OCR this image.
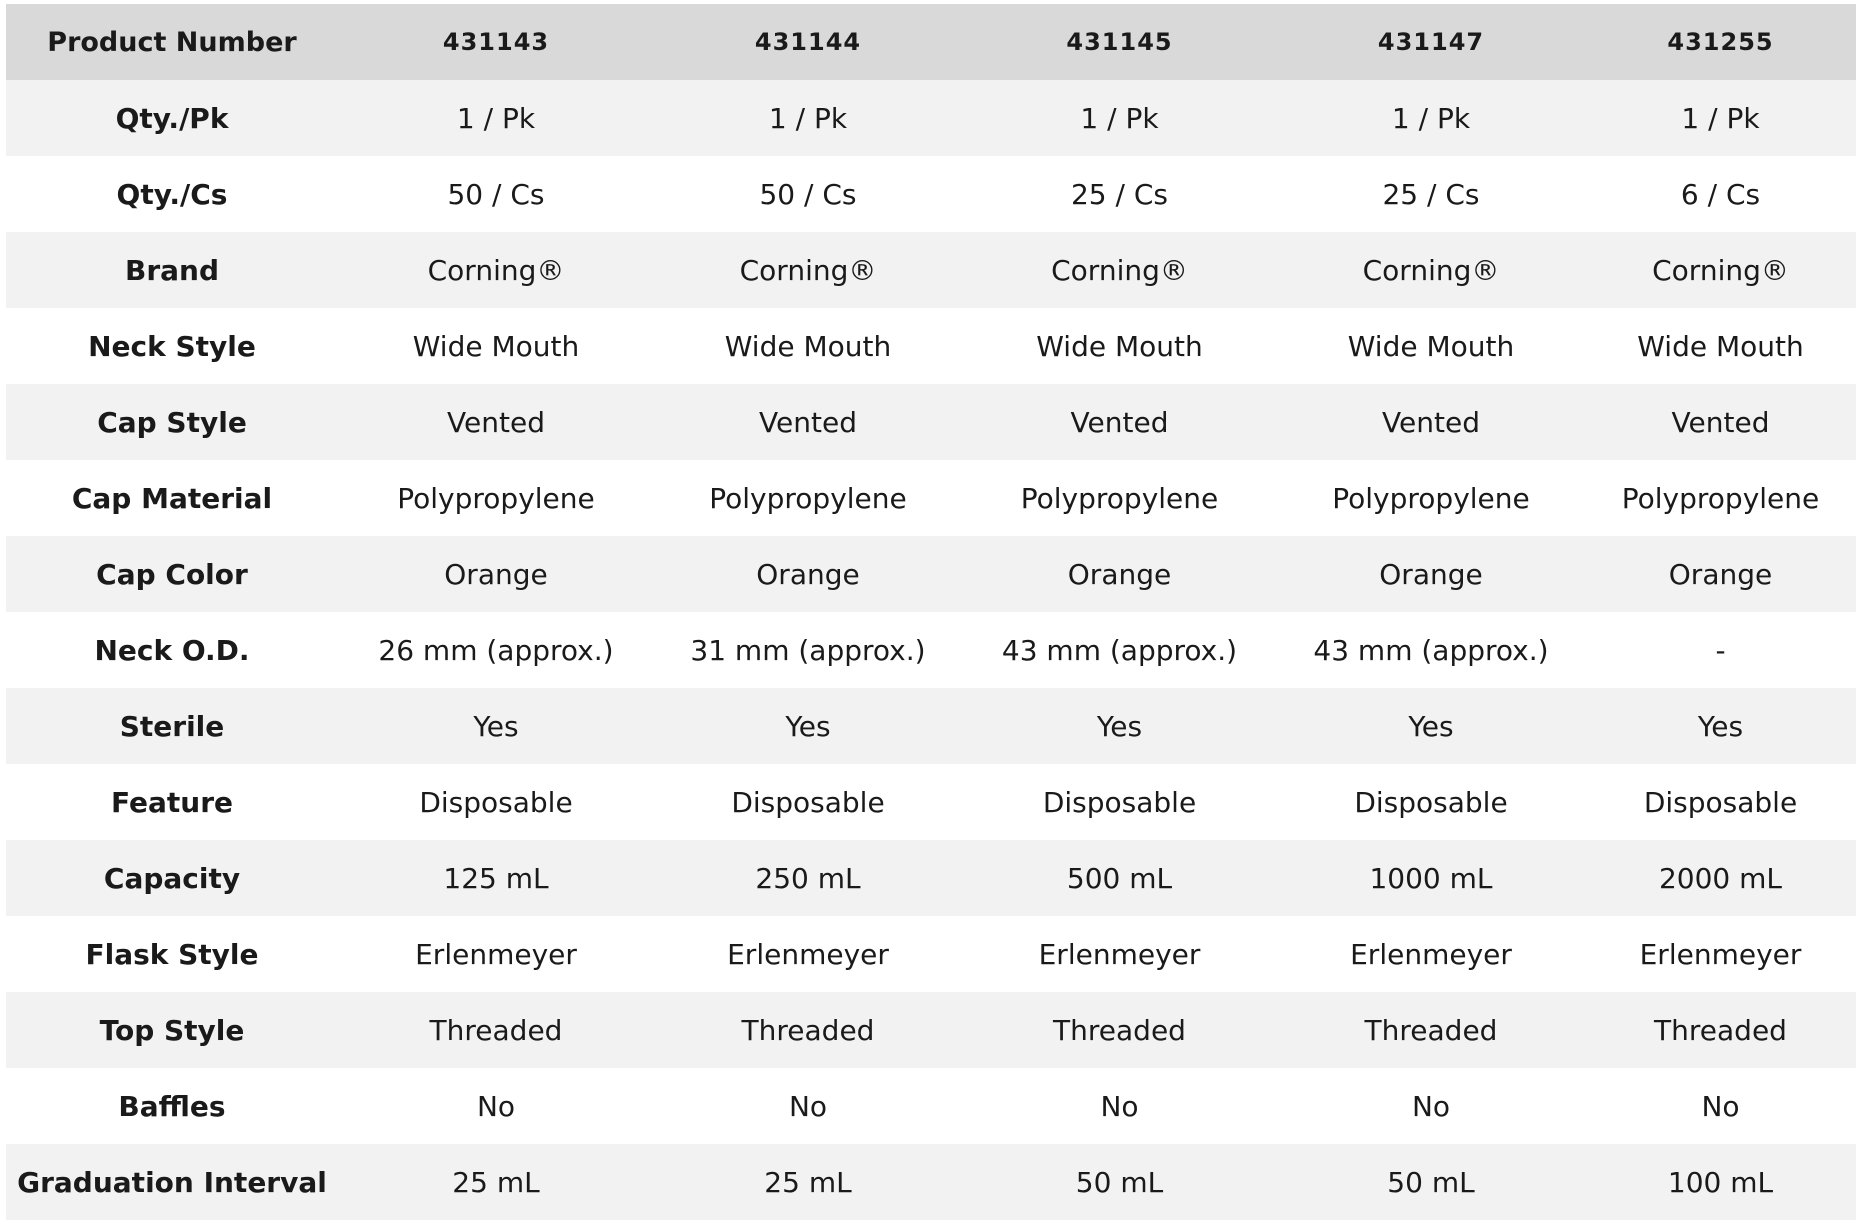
Product Number	431143	431144	431145	431147	431255
Qty./Pk	1 / Pk	1 / Pk	1 / Pk	1 / Pk	1 / Pk
Qty./Cs	50 / Cs	50 / Cs	25 / Cs	25 / Cs	6 / Cs
Brand	Corning®	Corning®	Corning®	Corning®	Corning®
Neck Style	Wide Mouth	Wide Mouth	Wide Mouth	Wide Mouth	Wide Mouth
Cap Style	Vented	Vented	Vented	Vented	Vented
Cap Material	Polypropylene	Polypropylene	Polypropylene	Polypropylene	Polypropylene
Cap Color	Orange	Orange	Orange	Orange	Orange
Neck O.D.	26 mm (approx.)	31 mm (approx.)	43 mm (approx.)	43 mm (approx.)	-
Sterile	Yes	Yes	Yes	Yes	Yes
Feature	Disposable	Disposable	Disposable	Disposable	Disposable
Capacity	125 mL	250 mL	500 mL	1000 mL	2000 mL
Flask Style	Erlenmeyer	Erlenmeyer	Erlenmeyer	Erlenmeyer	Erlenmeyer
Top Style	Threaded	Threaded	Threaded	Threaded	Threaded
Baffles	No	No	No	No	No
Graduation Interval	25 mL	25 mL	50 mL	50 mL	100 mL
